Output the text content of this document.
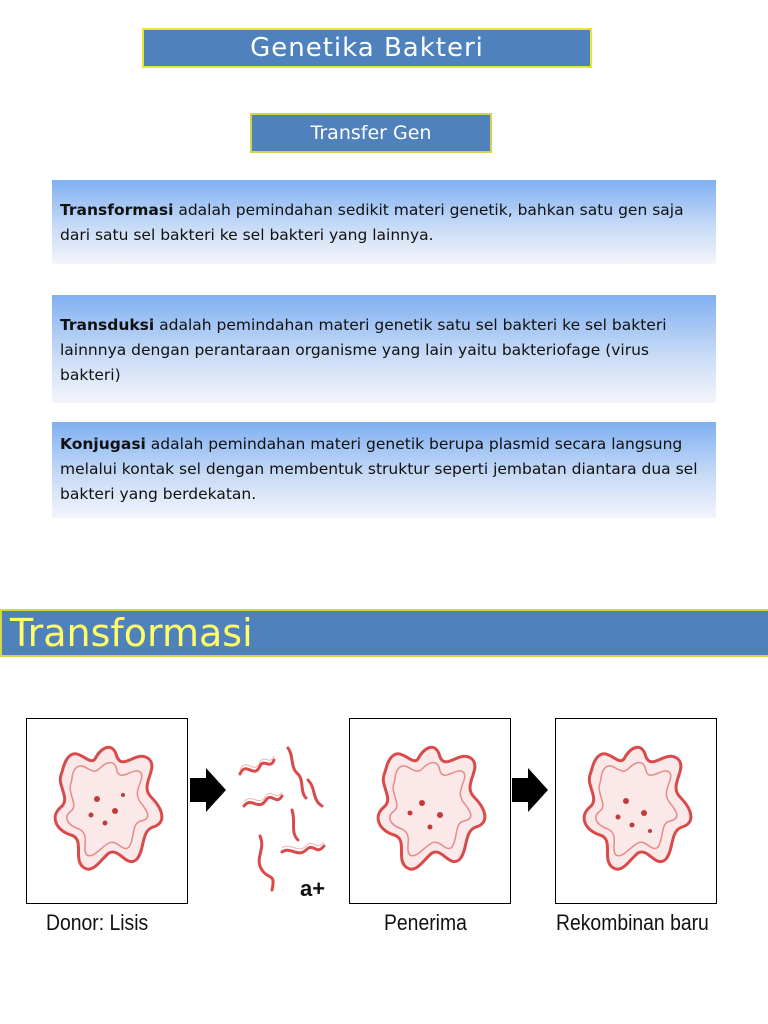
Genetika Bakteri
Transfer Gen
Transformasi adalah pemindahan sedikit materi genetik, bahkan satu gen saja dari satu sel bakteri ke sel bakteri yang lainnya.
Transduksi adalah pemindahan materi genetik satu sel bakteri ke sel bakteri lainnnya dengan perantaraan organisme yang lain yaitu bakteriofage (virus bakteri)
Konjugasi adalah pemindahan materi genetik berupa plasmid secara langsung melalui kontak sel dengan membentuk struktur seperti jembatan diantara dua sel bakteri yang berdekatan.
Transformasi
a+
Donor: Lisis	Penerima	Rekombinan baru
